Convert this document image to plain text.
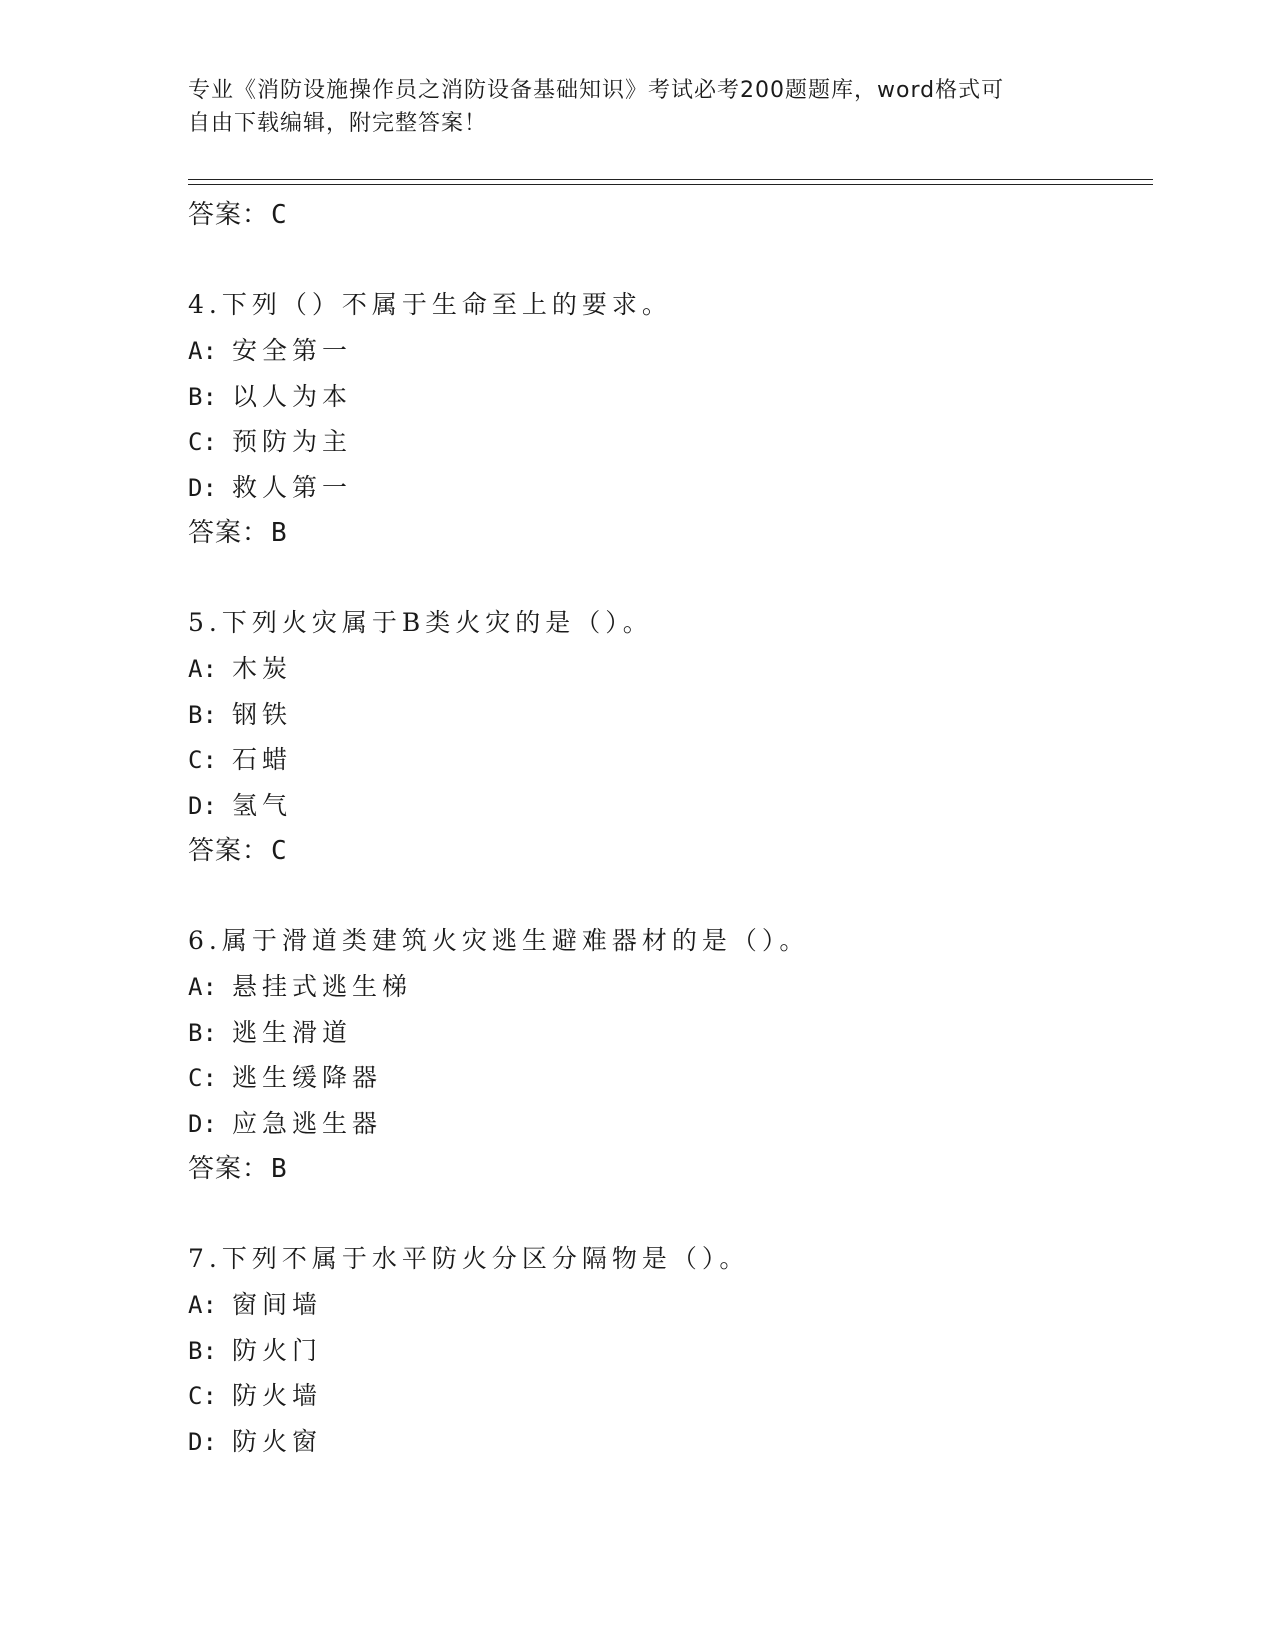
专业《消防设施操作员之消防设备基础知识》考试必考200题题库，word格式可
自由下载编辑，附完整答案！
答案：C
4.下列（）不属于生命至上的要求。
A: 安全第一
B: 以人为本
C: 预防为主
D: 救人第一
答案：B
5.下列火灾属于B类火灾的是（）。
A: 木炭
B: 钢铁
C: 石蜡
D: 氢气
答案：C
6.属于滑道类建筑火灾逃生避难器材的是（）。
A: 悬挂式逃生梯
B: 逃生滑道
C: 逃生缓降器
D: 应急逃生器
答案：B
7.下列不属于水平防火分区分隔物是（）。
A: 窗间墙
B: 防火门
C: 防火墙
D: 防火窗
